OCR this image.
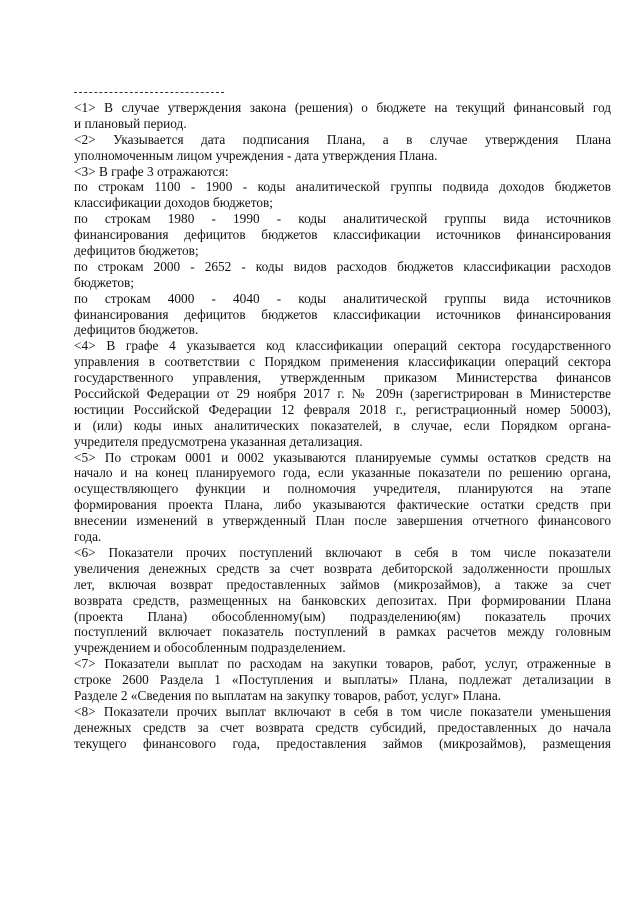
<1> В случае утверждения закона (решения) о бюджете на текущий финансовый год
и плановый период.
<2> Указывается дата подписания Плана, а в случае утверждения Плана
уполномоченным лицом учреждения - дата утверждения Плана.
<3> В графе 3 отражаются:
по строкам 1100 - 1900 - коды аналитической группы подвида доходов бюджетов
классификации доходов бюджетов;
по строкам 1980 - 1990 - коды аналитической группы вида источников
финансирования дефицитов бюджетов классификации источников финансирования
дефицитов бюджетов;
по строкам 2000 - 2652 - коды видов расходов бюджетов классификации расходов
бюджетов;
по строкам 4000 - 4040 - коды аналитической группы вида источников
финансирования дефицитов бюджетов классификации источников финансирования
дефицитов бюджетов.
<4> В графе 4 указывается код классификации операций сектора государственного
управления в соответствии с Порядком применения классификации операций сектора
государственного управления, утвержденным приказом Министерства финансов
Российской Федерации от 29 ноября 2017 г. № 209н (зарегистрирован в Министерстве
юстиции Российской Федерации 12 февраля 2018 г., регистрационный номер 50003),
и (или) коды иных аналитических показателей, в случае, если Порядком органа-
учредителя предусмотрена указанная детализация.
<5> По строкам 0001 и 0002 указываются планируемые суммы остатков средств на
начало и на конец планируемого года, если указанные показатели по решению органа,
осуществляющего функции и полномочия учредителя, планируются на этапе
формирования проекта Плана, либо указываются фактические остатки средств при
внесении изменений в утвержденный План после завершения отчетного финансового
года.
<6> Показатели прочих поступлений включают в себя в том числе показатели
увеличения денежных средств за счет возврата дебиторской задолженности прошлых
лет, включая возврат предоставленных займов (микрозаймов), а также за счет
возврата средств, размещенных на банковских депозитах. При формировании Плана
(проекта Плана) обособленному(ым) подразделению(ям) показатель прочих
поступлений включает показатель поступлений в рамках расчетов между головным
учреждением и обособленным подразделением.
<7> Показатели выплат по расходам на закупки товаров, работ, услуг, отраженные в
строке 2600 Раздела 1 «Поступления и выплаты» Плана, подлежат детализации в
Разделе 2 «Сведения по выплатам на закупку товаров, работ, услуг» Плана.
<8> Показатели прочих выплат включают в себя в том числе показатели уменьшения
денежных средств за счет возврата средств субсидий, предоставленных до начала
текущего финансового года, предоставления займов (микрозаймов), размещения
